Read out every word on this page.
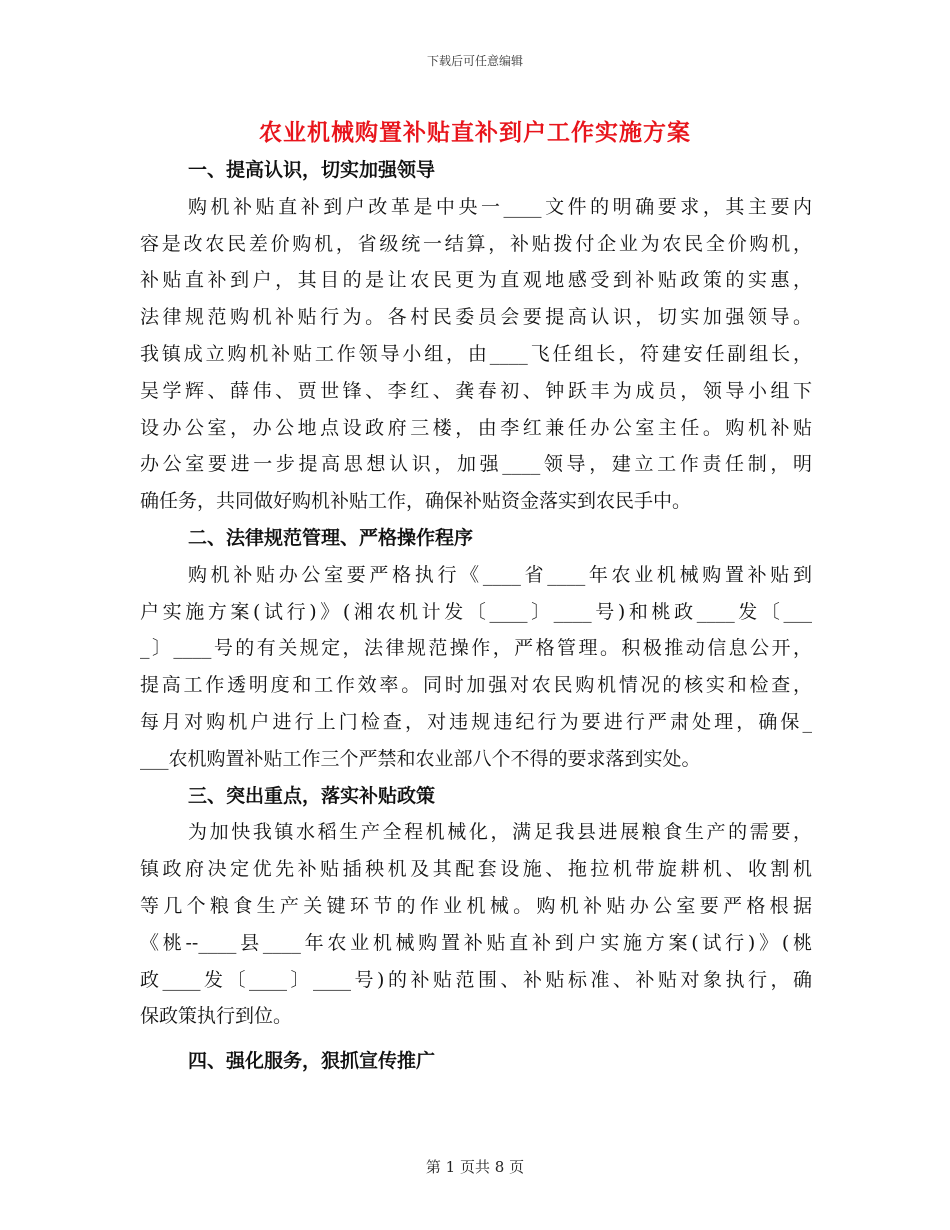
下载后可任意编辑
农业机械购置补贴直补到户工作实施方案
一、提高认识，切实加强领导
购机补贴直补到户改革是中央一____文件的明确要求，其主要内
容是改农民差价购机，省级统一结算，补贴拨付企业为农民全价购机，
补贴直补到户，其目的是让农民更为直观地感受到补贴政策的实惠，
法律规范购机补贴行为。各村民委员会要提高认识，切实加强领导。
我镇成立购机补贴工作领导小组，由____飞任组长，符建安任副组长，
吴学辉、薛伟、贾世锋、李红、龚春初、钟跃丰为成员，领导小组下
设办公室，办公地点设政府三楼，由李红兼任办公室主任。购机补贴
办公室要进一步提高思想认识，加强____领导，建立工作责任制，明
确任务，共同做好购机补贴工作，确保补贴资金落实到农民手中。
二、法律规范管理、严格操作程序
购机补贴办公室要严格执行《____省____年农业机械购置补贴到
户实施方案(试行)》(湘农机计发〔____〕____号)和桃政____发〔___
_〕____号的有关规定，法律规范操作，严格管理。积极推动信息公开，
提高工作透明度和工作效率。同时加强对农民购机情况的核实和检查，
每月对购机户进行上门检查，对违规违纪行为要进行严肃处理，确保_
___农机购置补贴工作三个严禁和农业部八个不得的要求落到实处。
三、突出重点，落实补贴政策
为加快我镇水稻生产全程机械化，满足我县进展粮食生产的需要，
镇政府决定优先补贴插秧机及其配套设施、拖拉机带旋耕机、收割机
等几个粮食生产关键环节的作业机械。购机补贴办公室要严格根据
《桃--____县____年农业机械购置补贴直补到户实施方案(试行)》(桃
政____发〔____〕____号)的补贴范围、补贴标准、补贴对象执行，确
保政策执行到位。
四、强化服务，狠抓宣传推广
第 1 页共 8 页
